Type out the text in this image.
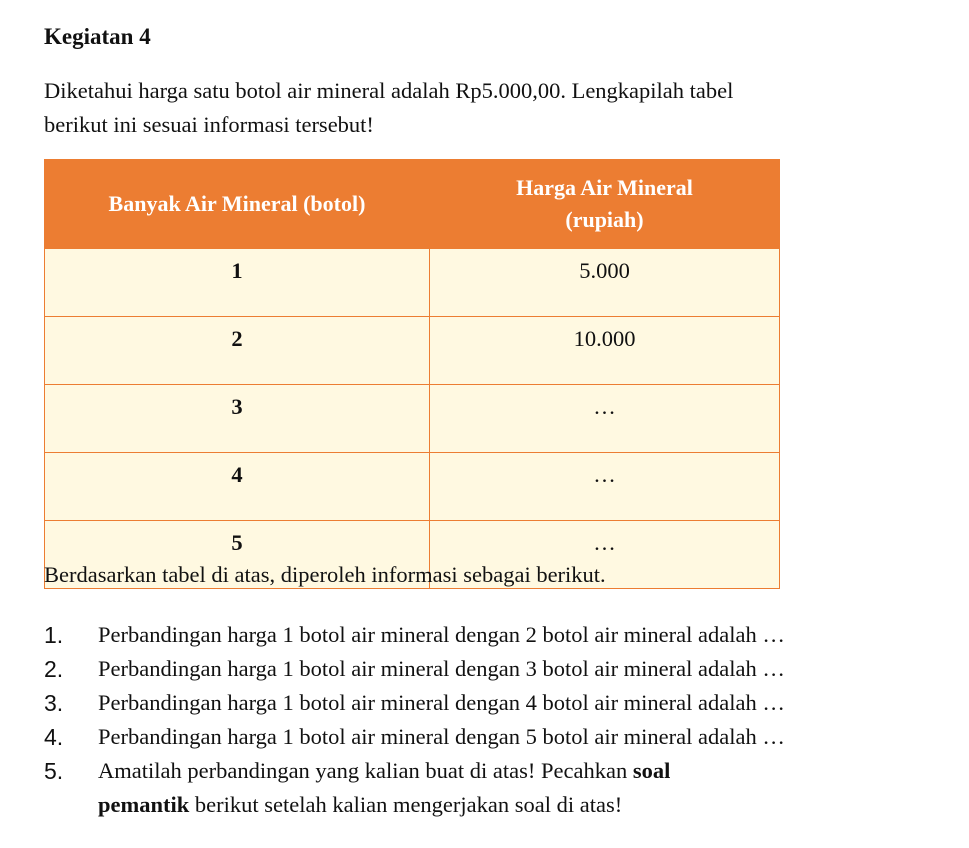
Kegiatan 4
Diketahui harga satu botol air mineral adalah Rp5.000,00. Lengkapilah tabel
berikut ini sesuai informasi tersebut!
Banyak Air Mineral (botol)	Harga Air Mineral
(rupiah)

1	5.000
2	10.000
3	…
4	…
5	…
Berdasarkan tabel di atas, diperoleh informasi sebagai berikut.
1. Perbandingan harga 1 botol air mineral dengan 2 botol air mineral adalah …
2. Perbandingan harga 1 botol air mineral dengan 3 botol air mineral adalah …
3. Perbandingan harga 1 botol air mineral dengan 4 botol air mineral adalah …
4. Perbandingan harga 1 botol air mineral dengan 5 botol air mineral adalah …
5. Amatilah perbandingan yang kalian buat di atas! Pecahkan soal
pemantik berikut setelah kalian mengerjakan soal di atas!
